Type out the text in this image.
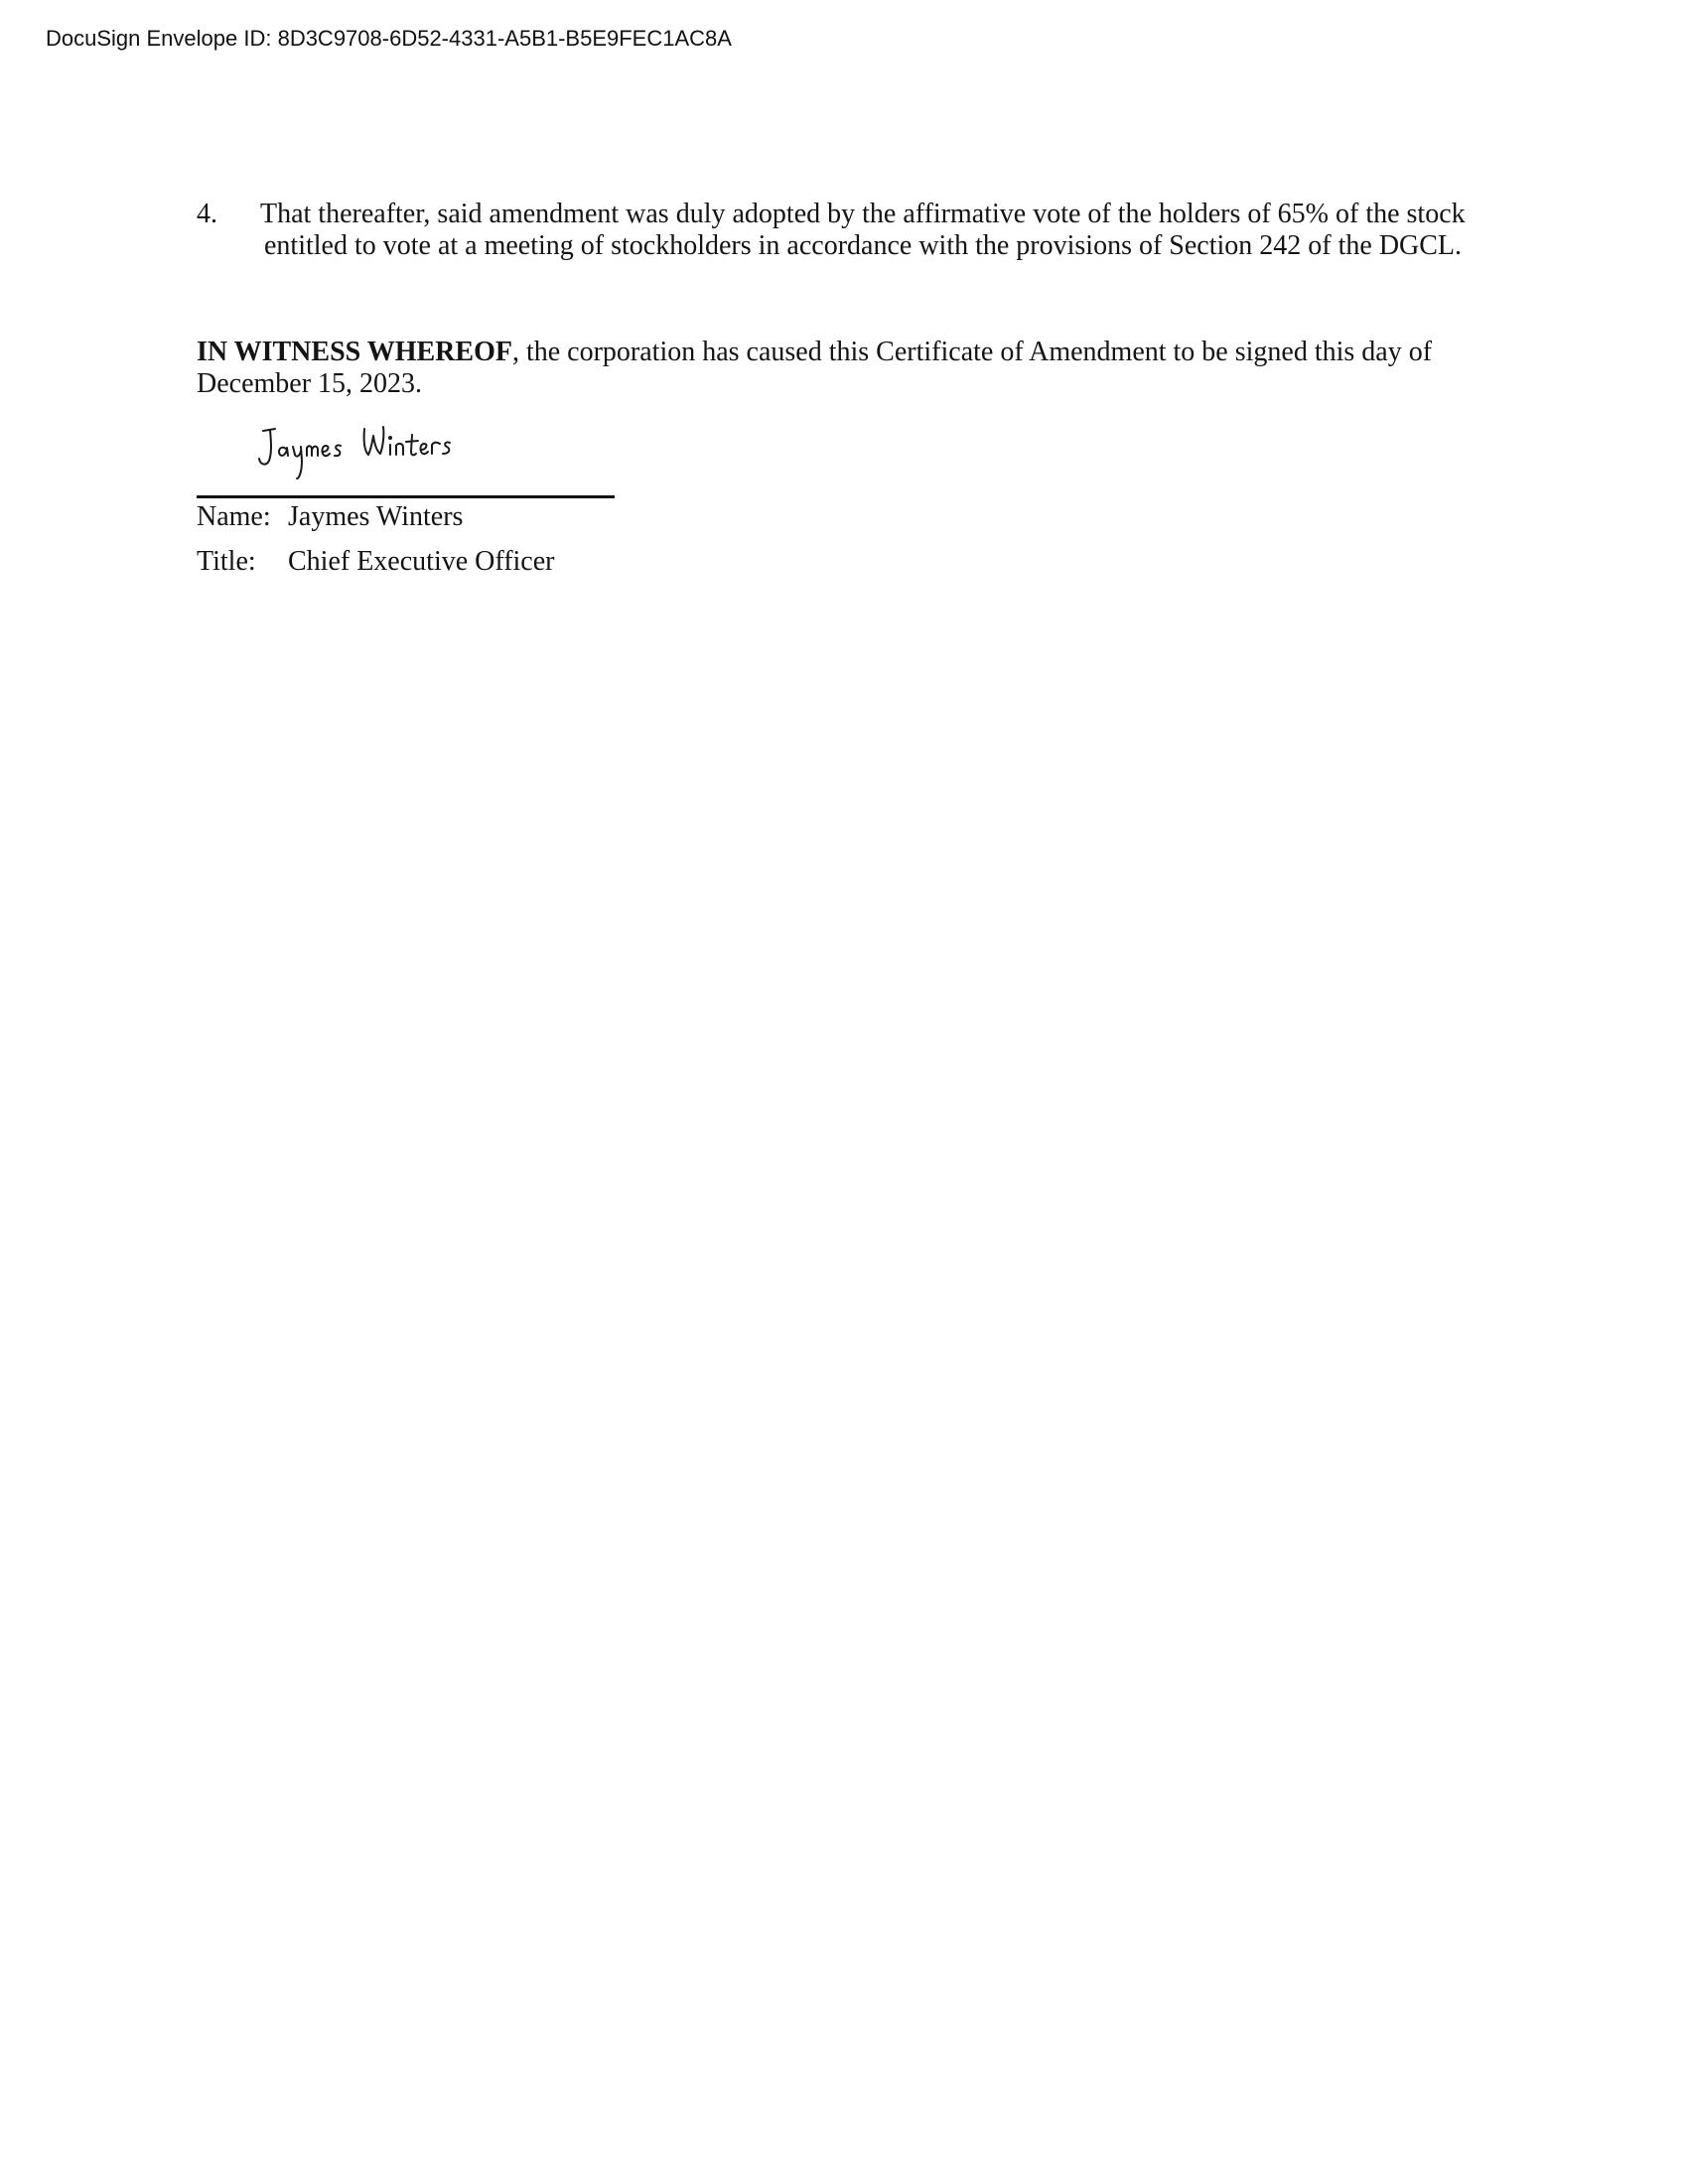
DocuSign Envelope ID: 8D3C9708-6D52-4331-A5B1-B5E9FEC1AC8A
4. That thereafter, said amendment was duly adopted by the affirmative vote of the holders of 65% of the stock
entitled to vote at a meeting of stockholders in accordance with the provisions of Section 242 of the DGCL.
IN WITNESS WHEREOF, the corporation has caused this Certificate of Amendment to be signed this day of
December 15, 2023.
Name: Jaymes Winters
Title: Chief Executive Officer
